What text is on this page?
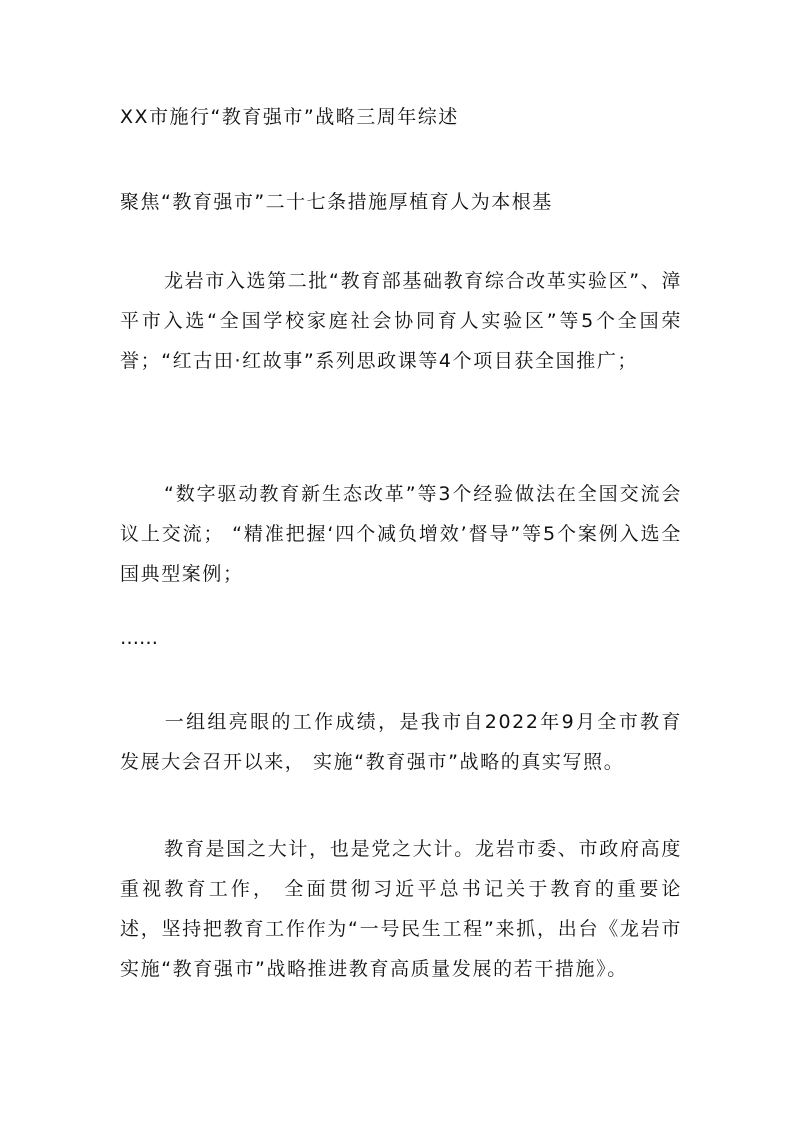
XX市施行“教育强市”战略三周年综述
聚焦“教育强市”二十七条措施厚植育人为本根基
龙岩市入选第二批“教育部基础教育综合改革实验区”、漳平市入选“全国学校家庭社会协同育人实验区”等5个全国荣誉；“红古田·红故事”系列思政课等4个项目获全国推广；
“数字驱动教育新生态改革”等3个经验做法在全国交流会议上交流； “精准把握‘四个减负增效’督导”等5个案例入选全国典型案例；
……
一组组亮眼的工作成绩，是我市自2022年9月全市教育发展大会召开以来， 实施“教育强市”战略的真实写照。
教育是国之大计，也是党之大计。龙岩市委、市政府高度重视教育工作， 全面贯彻习近平总书记关于教育的重要论述，坚持把教育工作作为“一号民生工程”来抓，出台《龙岩市实施“教育强市”战略推进教育高质量发展的若干措施》。
